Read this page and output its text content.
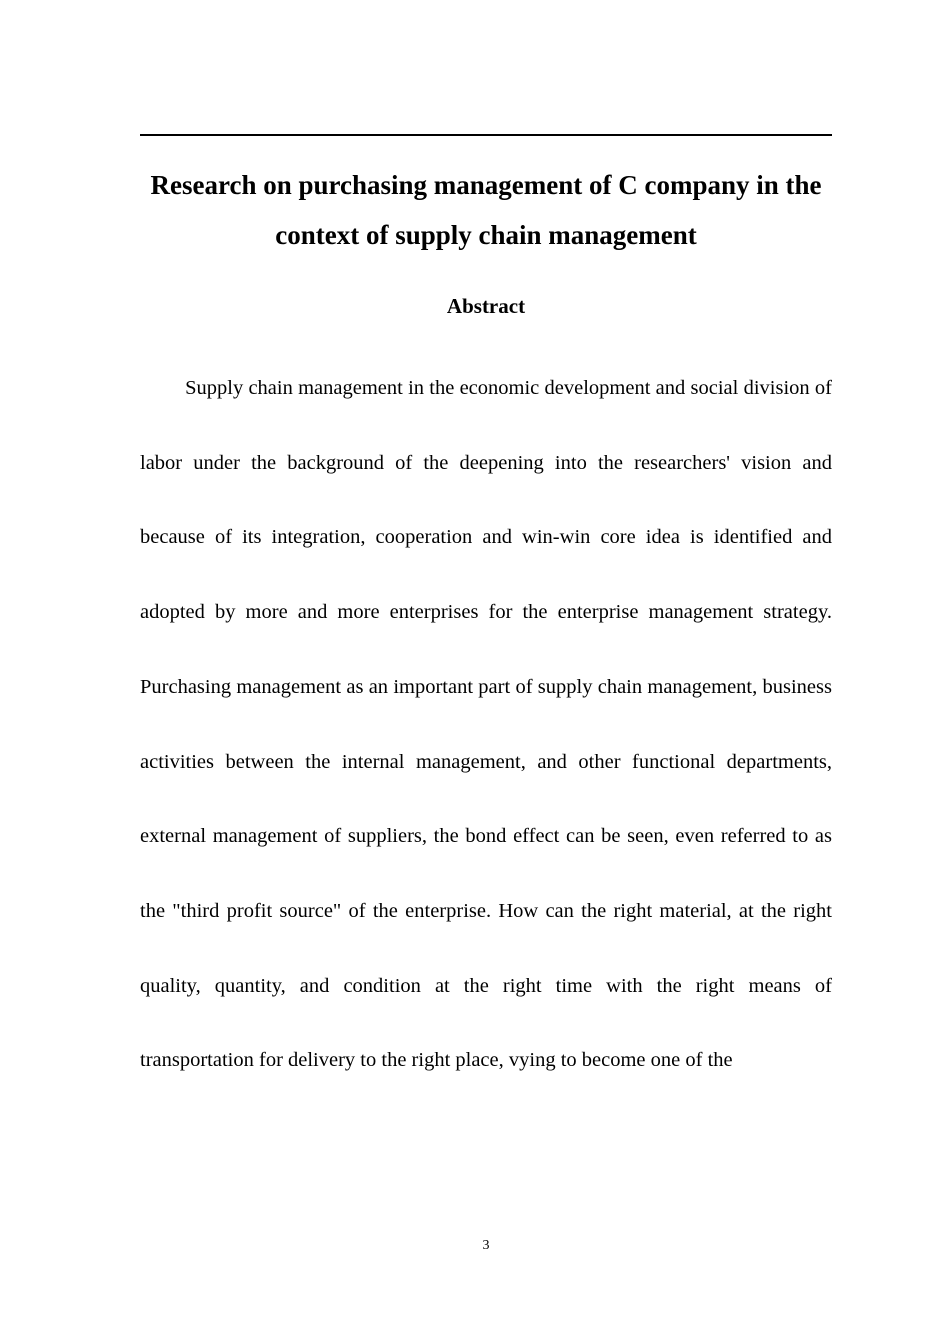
Research on purchasing management of C company in the context of supply chain management
Abstract

Supply chain management in the economic development and social division of labor under the background of the deepening into the researchers' vision and because of its integration, cooperation and win-win core idea is identified and adopted by more and more enterprises for the enterprise management strategy. Purchasing management as an important part of supply chain management, business activities between the internal management, and other functional departments, external management of suppliers, the bond effect can be seen, even referred to as the "third profit source" of the enterprise. How can the right material, at the right quality, quantity, and condition at the right time with the right means of transportation for delivery to the right place, vying to become one of the

3
